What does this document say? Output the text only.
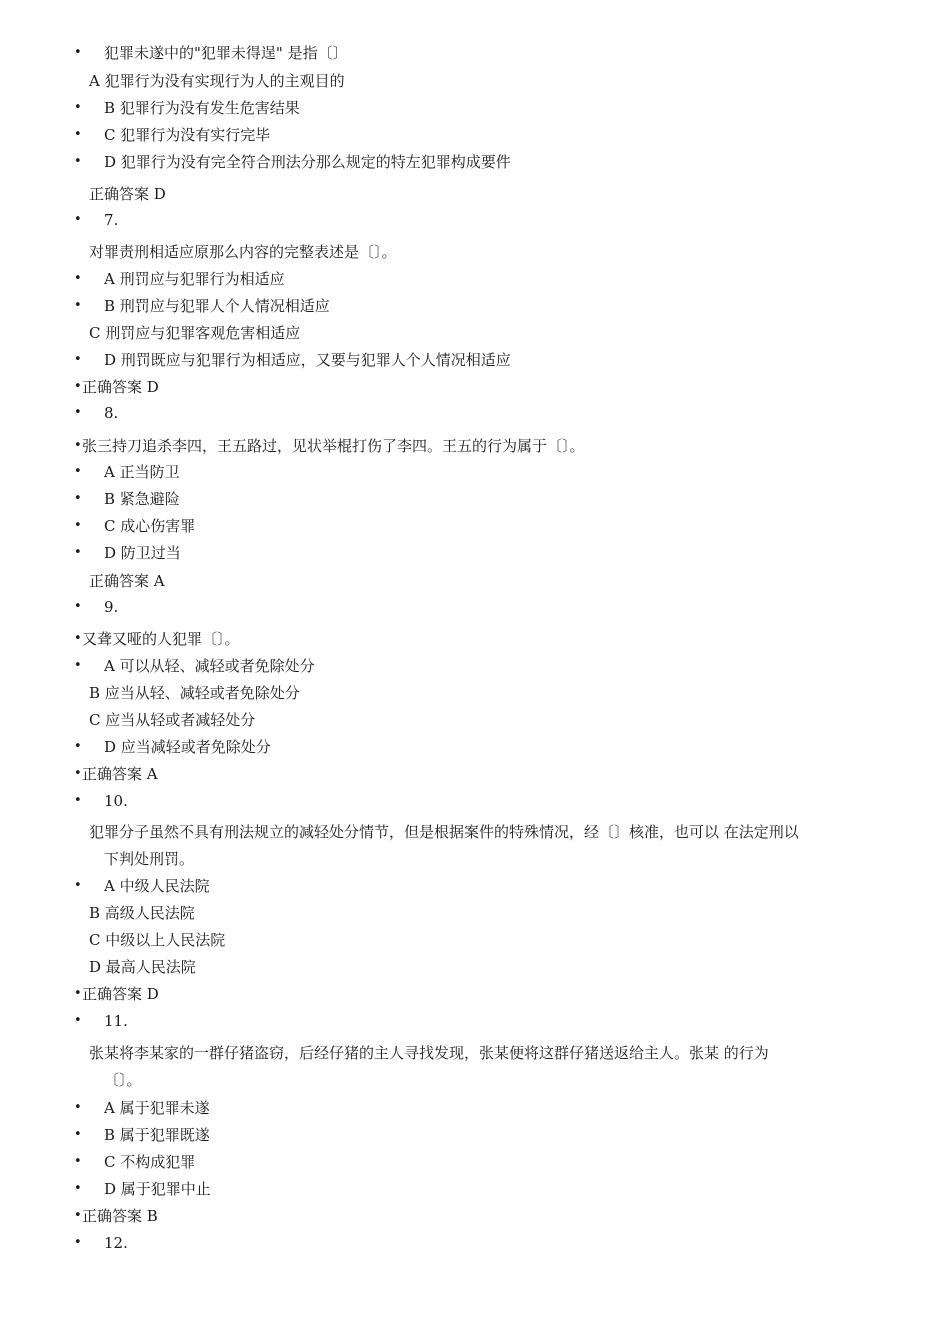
• 犯罪未遂中的"犯罪未得逞" 是指〔〕
A 犯罪行为没有实现行为人的主观目的
• B 犯罪行为没有发生危害结果
• C 犯罪行为没有实行完毕
• D 犯罪行为没有完全符合刑法分那么规定的特左犯罪构成要件
正确答案 D
• 7.
对罪责刑相适应原那么内容的完整表述是〔〕。
• A 刑罚应与犯罪行为相适应
• B 刑罚应与犯罪人个人情况相适应
C 刑罚应与犯罪客观危害相适应
• D 刑罚既应与犯罪行为相适应，又要与犯罪人个人情况相适应
• 正确答案 D
• 8.
• 张三持刀追杀李四，王五路过，见状举棍打伤了李四。王五的行为属于〔〕。
• A 正当防卫
• B 紧急避险
• C 成心伤害罪
• D 防卫过当
正确答案 A
• 9.
• 又聋又哑的人犯罪〔〕。
• A 可以从轻、减轻或者免除处分
B 应当从轻、减轻或者免除处分
C 应当从轻或者减轻处分
• D 应当减轻或者免除处分
• 正确答案 A
• 10.
犯罪分子虽然不具有刑法规立的减轻处分情节，但是根据案件的特殊情况，经〔〕核准，也可以 在法定刑以
下判处刑罚。
• A 中级人民法院
B 高级人民法院
C 中级以上人民法院
D 最高人民法院
• 正确答案 D
• 11.
张某将李某家的一群仔猪盗窃，后经仔猪的主人寻找发现，张某便将这群仔猪送返给主人。张某 的行为
〔〕。
• A 属于犯罪未遂
• B 属于犯罪既遂
• C 不构成犯罪
• D 属于犯罪中止
• 正确答案 B
• 12.
